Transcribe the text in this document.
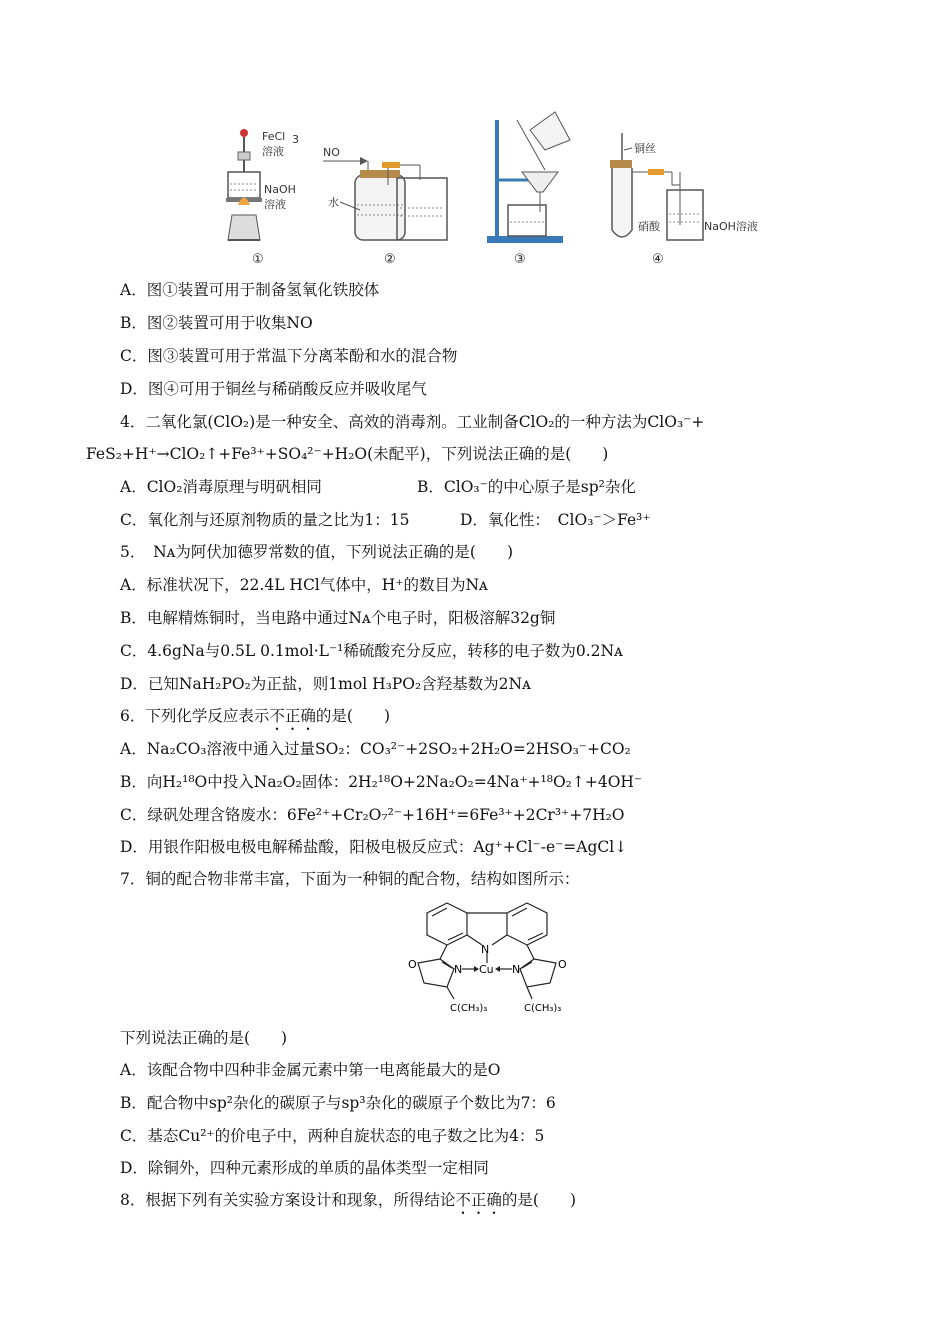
FeCl 3
溶液
NaOH
溶液
①
NO
水
②	③
铜丝
硝酸	NaOH溶液
④
A．图①装置可用于制备氢氧化铁胶体
B．图②装置可用于收集NO
C．图③装置可用于常温下分离苯酚和水的混合物
D．图④可用于铜丝与稀硝酸反应并吸收尾气
4．二氧化氯(ClO₂)是一种安全、高效的消毒剂。工业制备ClO₂的一种方法为ClO₃⁻+
FeS₂+H⁺→ClO₂↑+Fe³⁺+SO₄²⁻+H₂O(未配平)，下列说法正确的是(　　)
A．ClO₂消毒原理与明矾相同	B．ClO₃⁻的中心原子是sp²杂化
C．氧化剂与还原剂物质的量之比为1：15	D．氧化性：　ClO₃⁻＞Fe³⁺
5．　Nᴀ为阿伏加德罗常数的值，下列说法正确的是(　　)
A．标准状况下，22.4L HCl气体中，H⁺的数目为Nᴀ
B．电解精炼铜时，当电路中通过Nᴀ个电子时，阳极溶解32g铜
C．4.6gNa与0.5L 0.1mol·L⁻¹稀硫酸充分反应，转移的电子数为0.2Nᴀ
D．已知NaH₂PO₂为正盐，则1mol H₃PO₂含羟基数为2Nᴀ
6．下列化学反应表示不正确的是(　　)
A．Na₂CO₃溶液中通入过量SO₂：CO₃²⁻+2SO₂+2H₂O=2HSO₃⁻+CO₂
B．向H₂¹⁸O中投入Na₂O₂固体：2H₂¹⁸O+2Na₂O₂=4Na⁺+¹⁸O₂↑+4OH⁻
C．绿矾处理含铬废水：6Fe²⁺+Cr₂O₇²⁻+16H⁺=6Fe³⁺+2Cr³⁺+7H₂O
D．用银作阳极电极电解稀盐酸，阳极电极反应式：Ag⁺+Cl⁻-e⁻=AgCl↓
7．铜的配合物非常丰富，下面为一种铜的配合物，结构如图所示：
N
N	N
Cu
O	O
C(CH₃)₃	C(CH₃)₃
下列说法正确的是(　　)
A．该配合物中四种非金属元素中第一电离能最大的是O
B．配合物中sp²杂化的碳原子与sp³杂化的碳原子个数比为7：6
C．基态Cu²⁺的价电子中，两种自旋状态的电子数之比为4：5
D．除铜外，四种元素形成的单质的晶体类型一定相同
8．根据下列有关实验方案设计和现象，所得结论不正确的是(　　)
